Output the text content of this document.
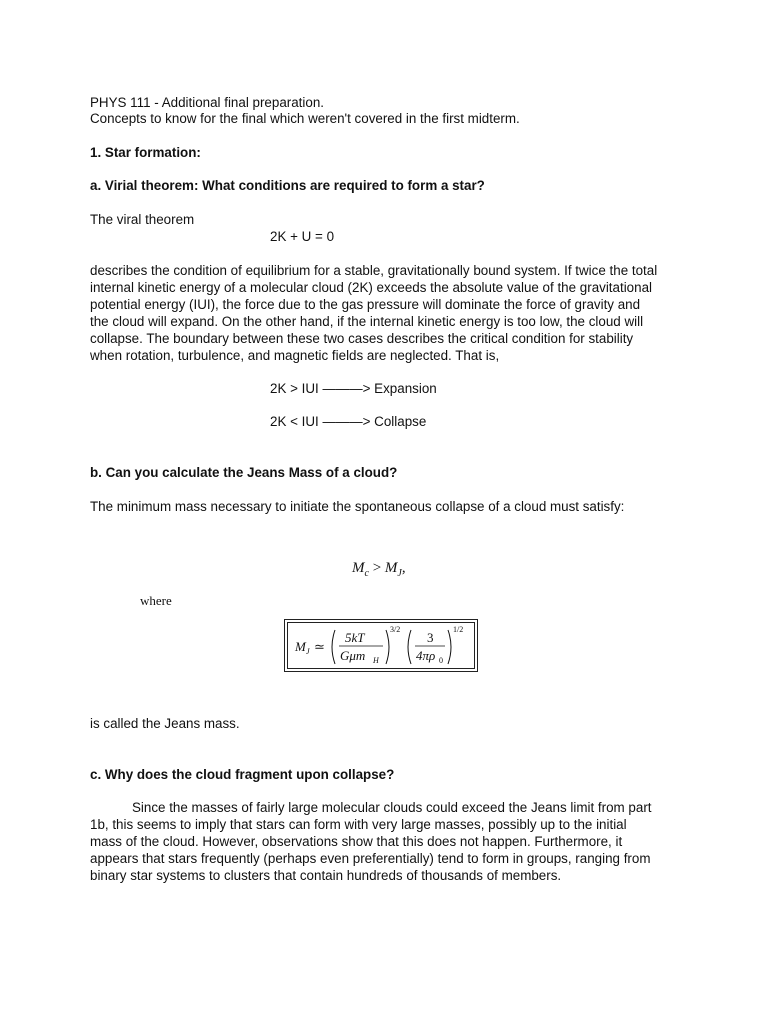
PHYS 111 - Additional final preparation.
Concepts to know for the final which weren't covered in the first midterm.
1. Star formation:
a. Virial theorem: What conditions are required to form a star?
The viral theorem
2K + U = 0
describes the condition of equilibrium for a stable, gravitationally bound system. If twice the total
internal kinetic energy of a molecular cloud (2K) exceeds the absolute value of the gravitational
potential energy (IUI), the force due to the gas pressure will dominate the force of gravity and
the cloud will expand. On the other hand, if the internal kinetic energy is too low, the cloud will
collapse. The boundary between these two cases describes the critical condition for stability
when rotation, turbulence, and magnetic fields are neglected. That is,
2K > IUI ———> Expansion
2K < IUI ———> Collapse
b. Can you calculate the Jeans Mass of a cloud?
The minimum mass necessary to initiate the spontaneous collapse of a cloud must satisfy:
$M_c > M_J$,
where
M J ≃
5kT
Gμm H
3/2
3
4πρ 0
1/2
is called the Jeans mass.
c. Why does the cloud fragment upon collapse?
Since the masses of fairly large molecular clouds could exceed the Jeans limit from part
1b, this seems to imply that stars can form with very large masses, possibly up to the initial
mass of the cloud. However, observations show that this does not happen. Furthermore, it
appears that stars frequently (perhaps even preferentially) tend to form in groups, ranging from
binary star systems to clusters that contain hundreds of thousands of members.
